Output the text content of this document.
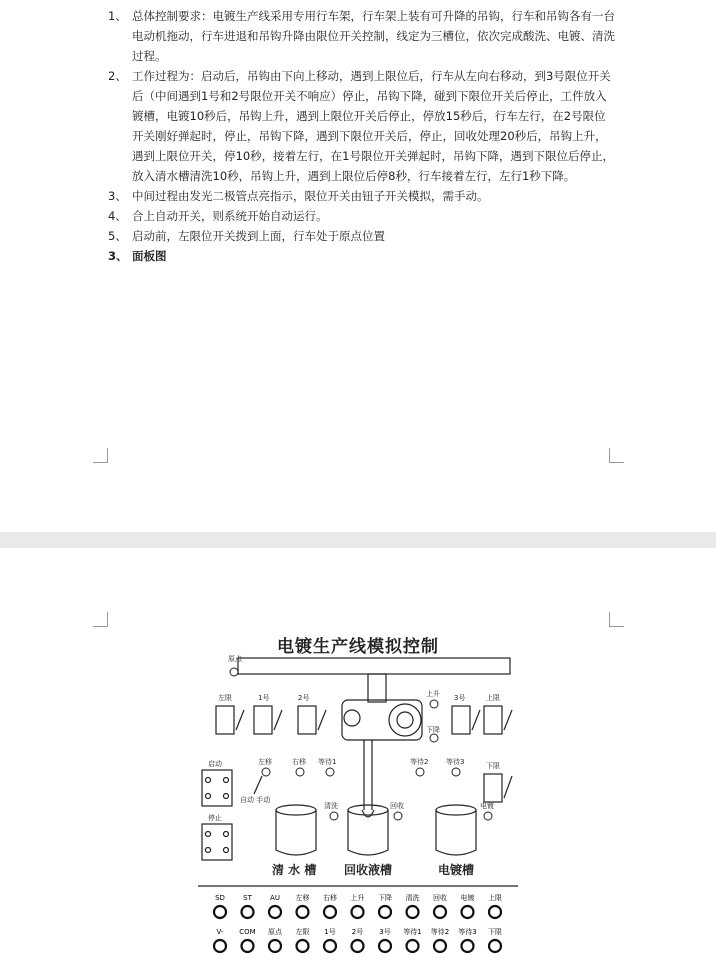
1、 总体控制要求：电镀生产线采用专用行车架，行车架上装有可升降的吊钩，行车和吊钩各有一台电动机拖动，行车进退和吊钩升降由限位开关控制，线定为三槽位，依次完成酸洗、电镀、清洗过程。
2、 工作过程为：启动后，吊钩由下向上移动，遇到上限位后，行车从左向右移动，到3号限位开关后（中间遇到1号和2号限位开关不响应）停止，吊钩下降，碰到下限位开关后停止，工件放入镀槽，电镀10秒后，吊钩上升，遇到上限位开关后停止，停放15秒后，行车左行，在2号限位开关刚好弹起时，停止，吊钩下降，遇到下限位开关后，停止，回收处理20秒后，吊钩上升，遇到上限位开关，停10秒，接着左行，在1号限位开关弹起时，吊钩下降，遇到下限位后停止，放入清水槽清洗10秒，吊钩上升，遇到上限位后停8秒，行车接着左行，左行1秒下降。
3、 中间过程由发光二极管点亮指示，限位开关由钮子开关模拟，需手动。
4、 合上自动开关，则系统开始自动运行。
5、 启动前，左限位开关拨到上面，行车处于原点位置
3、 面板图
电镀生产线模拟控制
原点
左限	1号	2号	上升 3号	上限
下降
启动
停止
左移	右移 等待1	等待2	等待3	下限
自动 手动
清洗	回收	电镀
清 水 槽 回收液槽	电镀槽
SD	ST	AU 左移 右移 上升 下降 清洗 回收 电镀 上限
V- COM 原点 左限 1号 2号 3号 等待1 等待2 等待3 下限
